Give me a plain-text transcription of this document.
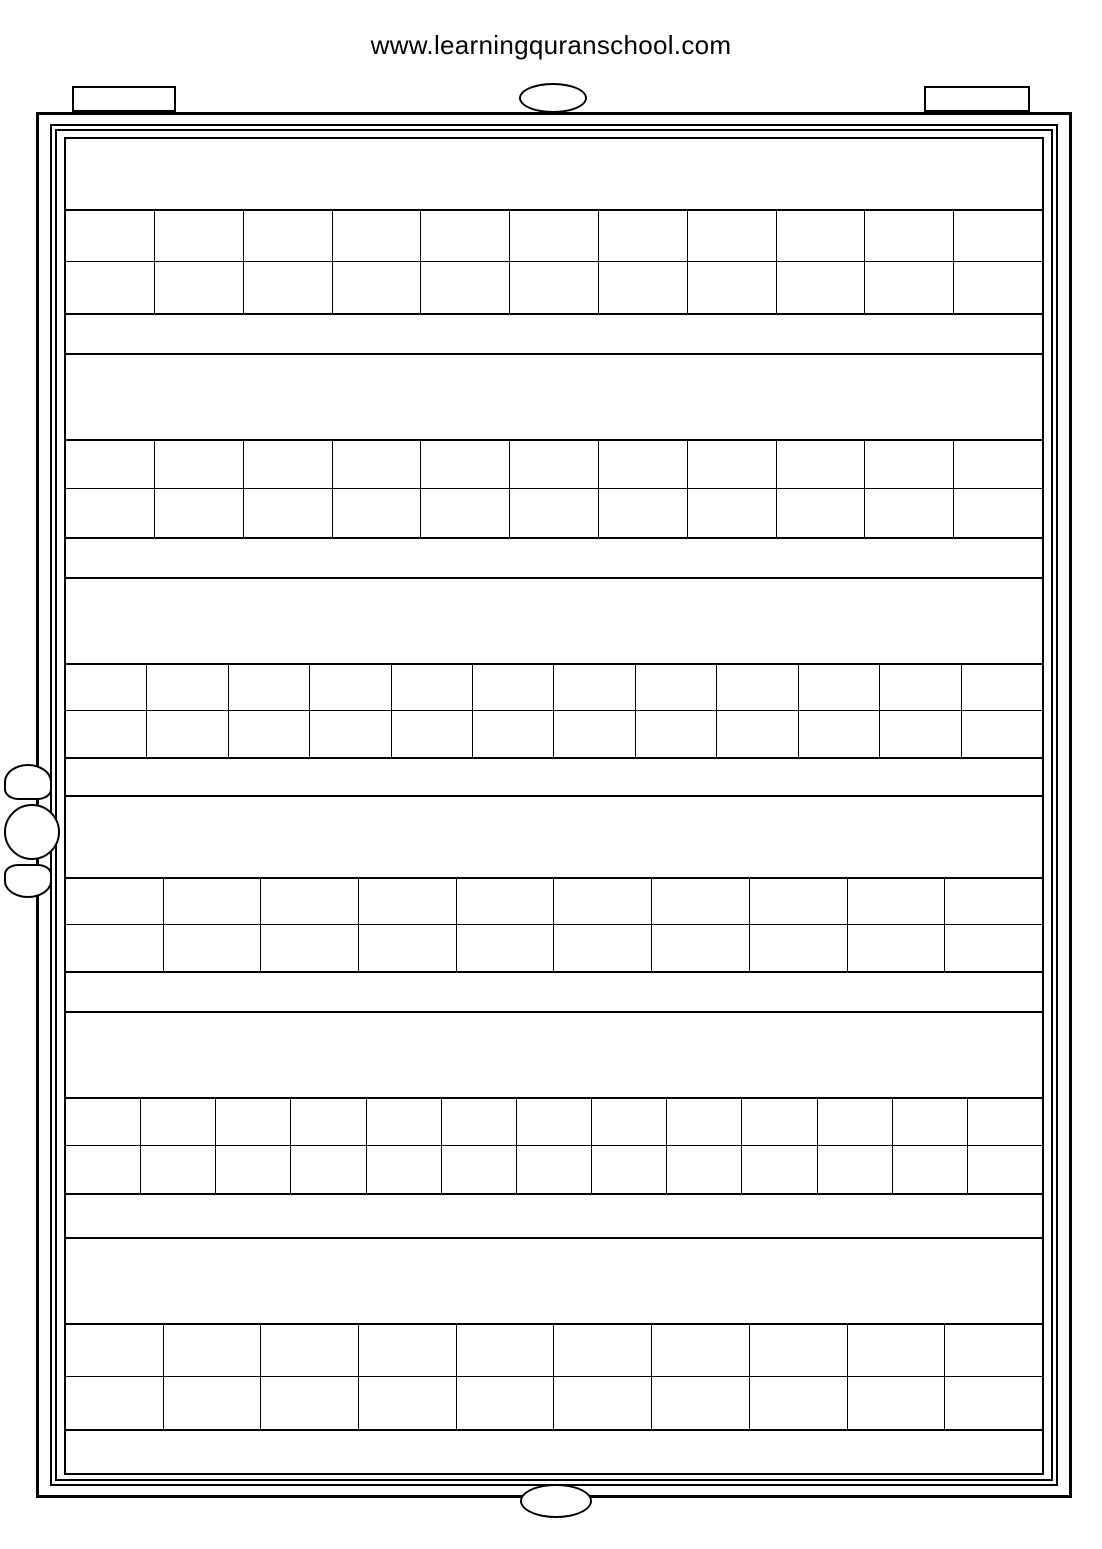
www.learningquranschool.com
